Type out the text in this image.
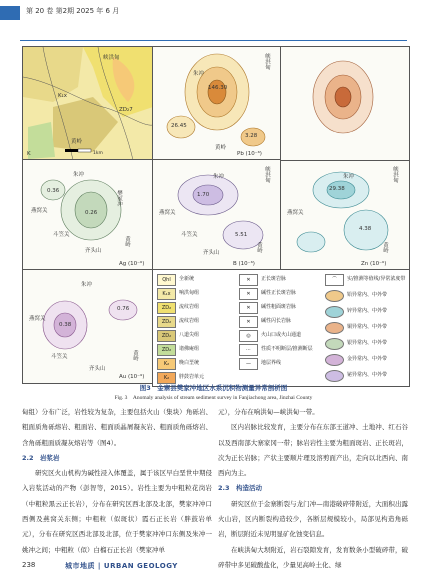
第 20 卷 第2期 2025 年 6 月
峡洪甸
K₁x
ZD₂7
黄岭
K	1km
峡洪甸
朱冲
146.30
26.45
3.28
黄岭
Pb (10⁻⁶)
朱冲
樊家冲
燕窝关
斗笠关
齐头山
黄岭
0.26
0.36
Ag (10⁻⁶)
峡洪甸
朱冲
燕窝关
斗笠关
齐头山	黄岭
1.70
5.51
B (10⁻⁶)
峡洪甸
朱冲
燕窝关
黄岭
29.38
4.38
Zn (10⁻⁶)
朱冲
燕窝关
斗笠关
齐头山
黄岭
0.38
0.76
Au (10⁻⁹)
Qhl	全新统
K₁x	响洪甸组
ZD₂	流纹岩组
ZD₂	流纹岩组
ZD₂	八道尖组
ZD₂	诸佛庵组
K₂	晚白垩统
K₂	胖鼓岩单元
✕	正长斑岩脉
✕	碱性正长斑岩脉
✕	碱性粗面斑岩脉
✕	碱性闪长岩脉
◎	火山口或火山通道
⋯	性质不明断层/推测断层
—	地层界线
⌒	实/推测等值线/异常浓度带
铅异常内、中外带
锌异常内、中外带
铜异常内、中外带
银异常内、中外带
金异常内、中外带
铋异常内、中外带
图3　金寨县樊家冲地区水系沉积物测量异常剖析图
Fig. 3　Anomaly analysis of stream sediment survey in Fanjiachong area, Jinzhai County

甸组）分布广泛，岩性较为复杂，主要包括火山（集块）角砾岩、粗面质角砾熔岩、粗面岩、粗面质晶屑凝灰岩、粗面质角砾熔岩、含角砾粗面质凝灰熔岩等（图4）。

2.2　岩浆岩

研究区火山机构为碱性浸入体覆盖，属于该区早白垩世中期侵入岩浆活动的产物（彭智等，2015）。岩性主要为中粗粒花岗岩（中粗粒黑云正长岩），分布在研究区西北部及北部，樊家冲冲口西侧及燕窝关东侧；中粗粒（似斑状）霞石正长岩（胖鼓岩单元），分布在研究区西北部及北部，位于樊家冲冲口东侧及朱冲一姚冲之间；中粗粒（似）白榴石正长岩（樊家冲单

元），分布在响洪甸—峡洪甸一带。

区内岩脉比较发育，主要分布在东部王道冲、土地冲、红石谷以及西南部大寨家冈一带；脉岩岩性主要为粗面斑岩、正长斑岩，次为正长岩脉；产状主要顺片理及溶剪面产出，走向以北西向、南西向为主。

2.3　构造活动

研究区位于金寨断裂与龙门冲—南港破碎带附近，大面积出露火山岩，区内断裂构造较少，各断层规模较小，局部见构造角砾岩，断层附近未见明显矿化蚀变信息。

在峡洪甸大坝附近，岩石裂隙发育，发育数条小型破碎带，破碎带中多见破酸盐化，少量见高岭土化、绿

238	城市地质 | URBAN GEOLOGY
